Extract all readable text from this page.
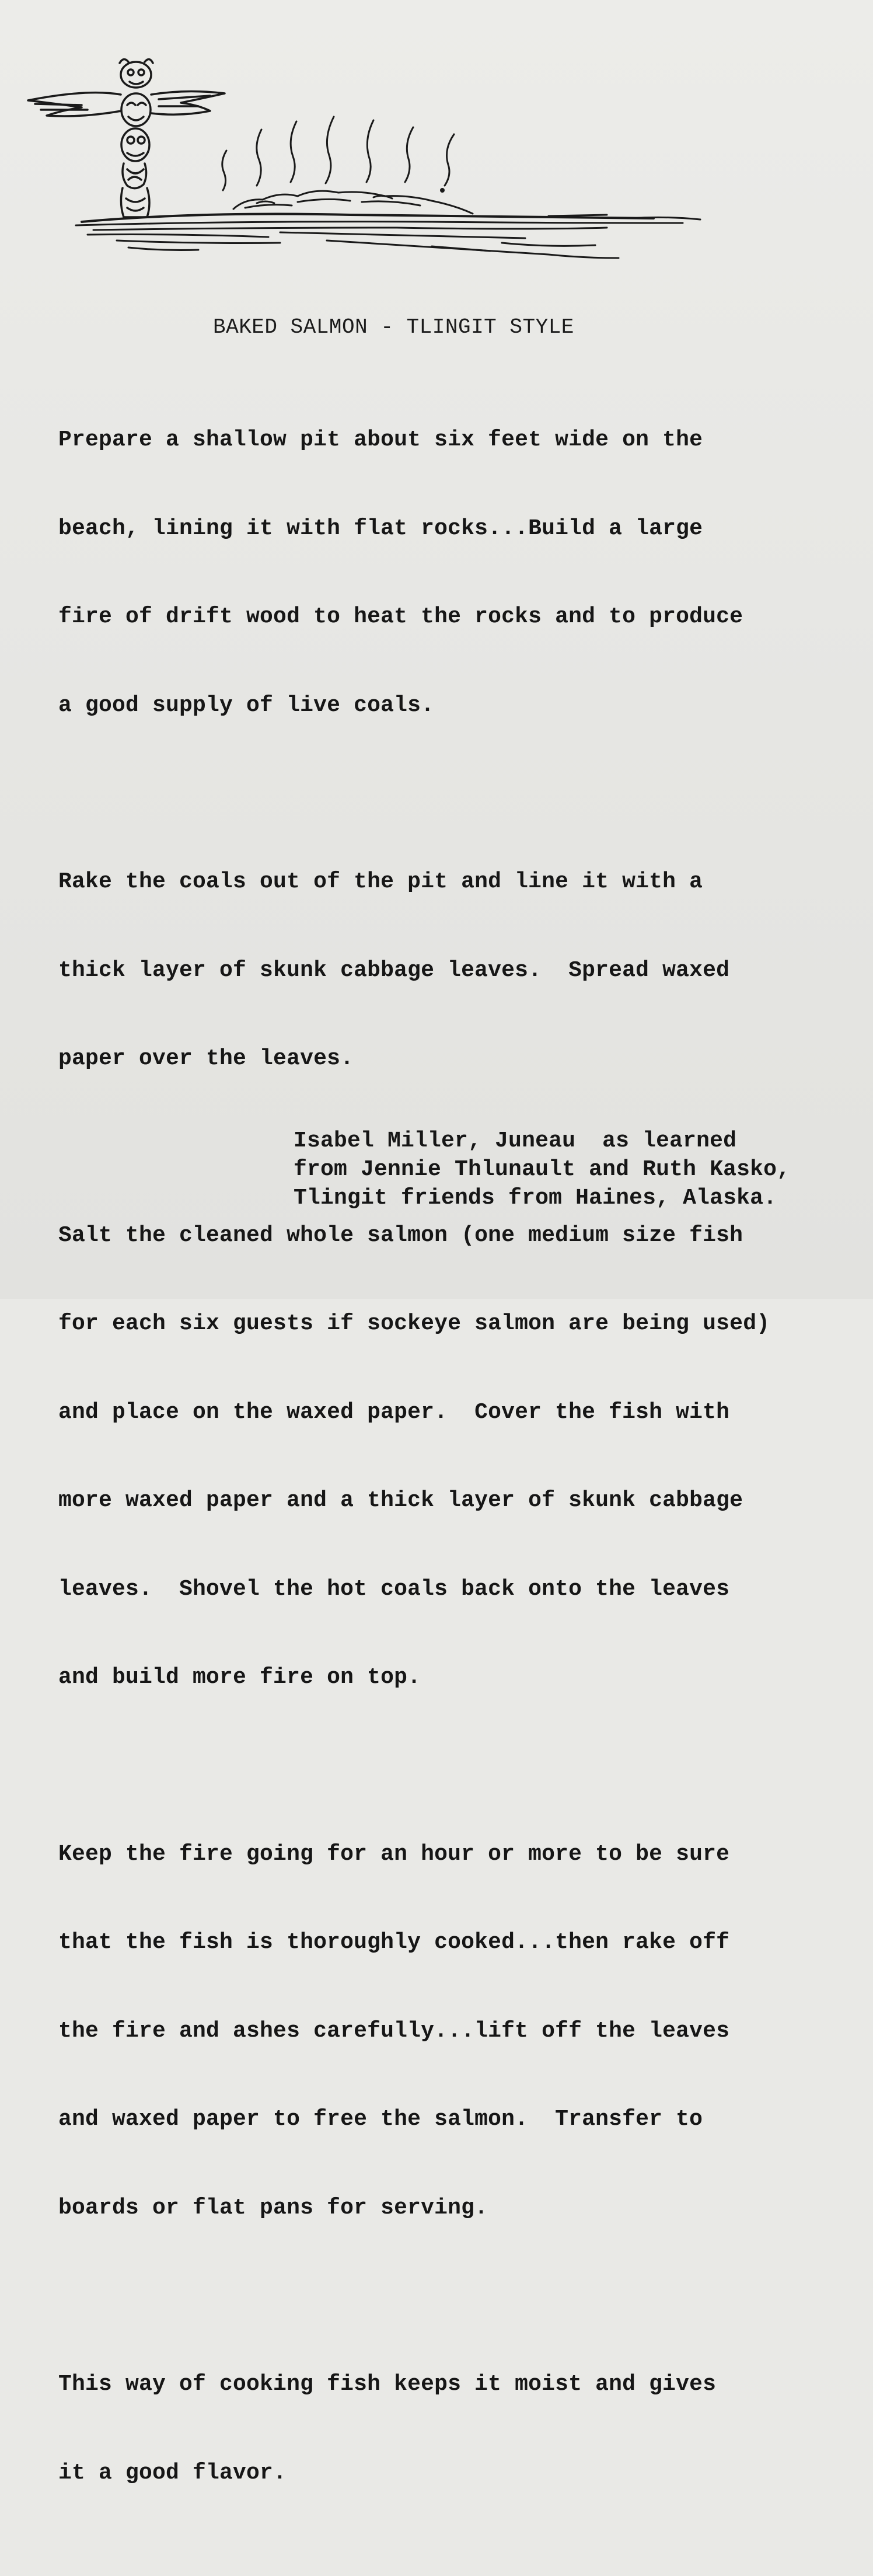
BAKED SALMON - TLINGIT STYLE

Prepare a shallow pit about six feet wide on the

beach, lining it with flat rocks...Build a large

fire of drift wood to heat the rocks and to produce

a good supply of live coals.

Rake the coals out of the pit and line it with a

thick layer of skunk cabbage leaves.  Spread waxed

paper over the leaves.

Salt the cleaned whole salmon (one medium size fish

for each six guests if sockeye salmon are being used)

and place on the waxed paper.  Cover the fish with

more waxed paper and a thick layer of skunk cabbage

leaves.  Shovel the hot coals back onto the leaves

and build more fire on top.

Keep the fire going for an hour or more to be sure

that the fish is thoroughly cooked...then rake off

the fire and ashes carefully...lift off the leaves

and waxed paper to free the salmon.  Transfer to

boards or flat pans for serving.

This way of cooking fish keeps it moist and gives

it a good flavor.

Isabel Miller, Juneau  as learned
from Jennie Thlunault and Ruth Kasko,
Tlingit friends from Haines, Alaska.
